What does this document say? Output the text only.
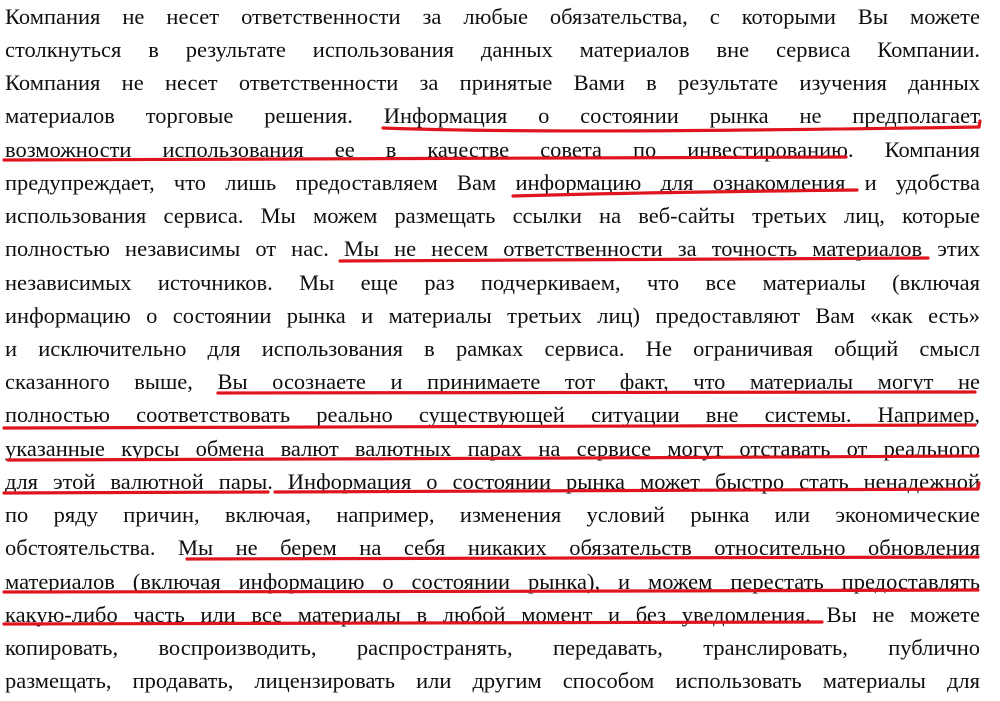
Компания не несет ответственности за любые обязательства, с которыми Вы можете
столкнуться в результате использования данных материалов вне сервиса Компании.
Компания не несет ответственности за принятые Вами в результате изучения данных
материалов торговые решения. Информация о состоянии рынка не предполагает
возможности использования ее в качестве совета по инвестированию. Компания
предупреждает, что лишь предоставляем Вам информацию для ознакомления и удобства
использования сервиса. Мы можем размещать ссылки на веб-сайты третьих лиц, которые
полностью независимы от нас. Мы не несем ответственности за точность материалов этих
независимых источников. Мы еще раз подчеркиваем, что все материалы (включая
информацию о состоянии рынка и материалы третьих лиц) предоставляют Вам «как есть»
и исключительно для использования в рамках сервиса. Не ограничивая общий смысл
сказанного выше, Вы осознаете и принимаете тот факт, что материалы могут не
полностью соответствовать реально существующей ситуации вне системы. Например,
указанные курсы обмена валют валютных парах на сервисе могут отставать от реального
для этой валютной пары. Информация о состоянии рынка может быстро стать ненадежной
по ряду причин, включая, например, изменения условий рынка или экономические
обстоятельства. Мы не берем на себя никаких обязательств относительно обновления
материалов (включая информацию о состоянии рынка), и можем перестать предоставлять
какую-либо часть или все материалы в любой момент и без уведомления. Вы не можете
копировать, воспроизводить, распространять, передавать, транслировать, публично
размещать, продавать, лицензировать или другим способом использовать материалы для
